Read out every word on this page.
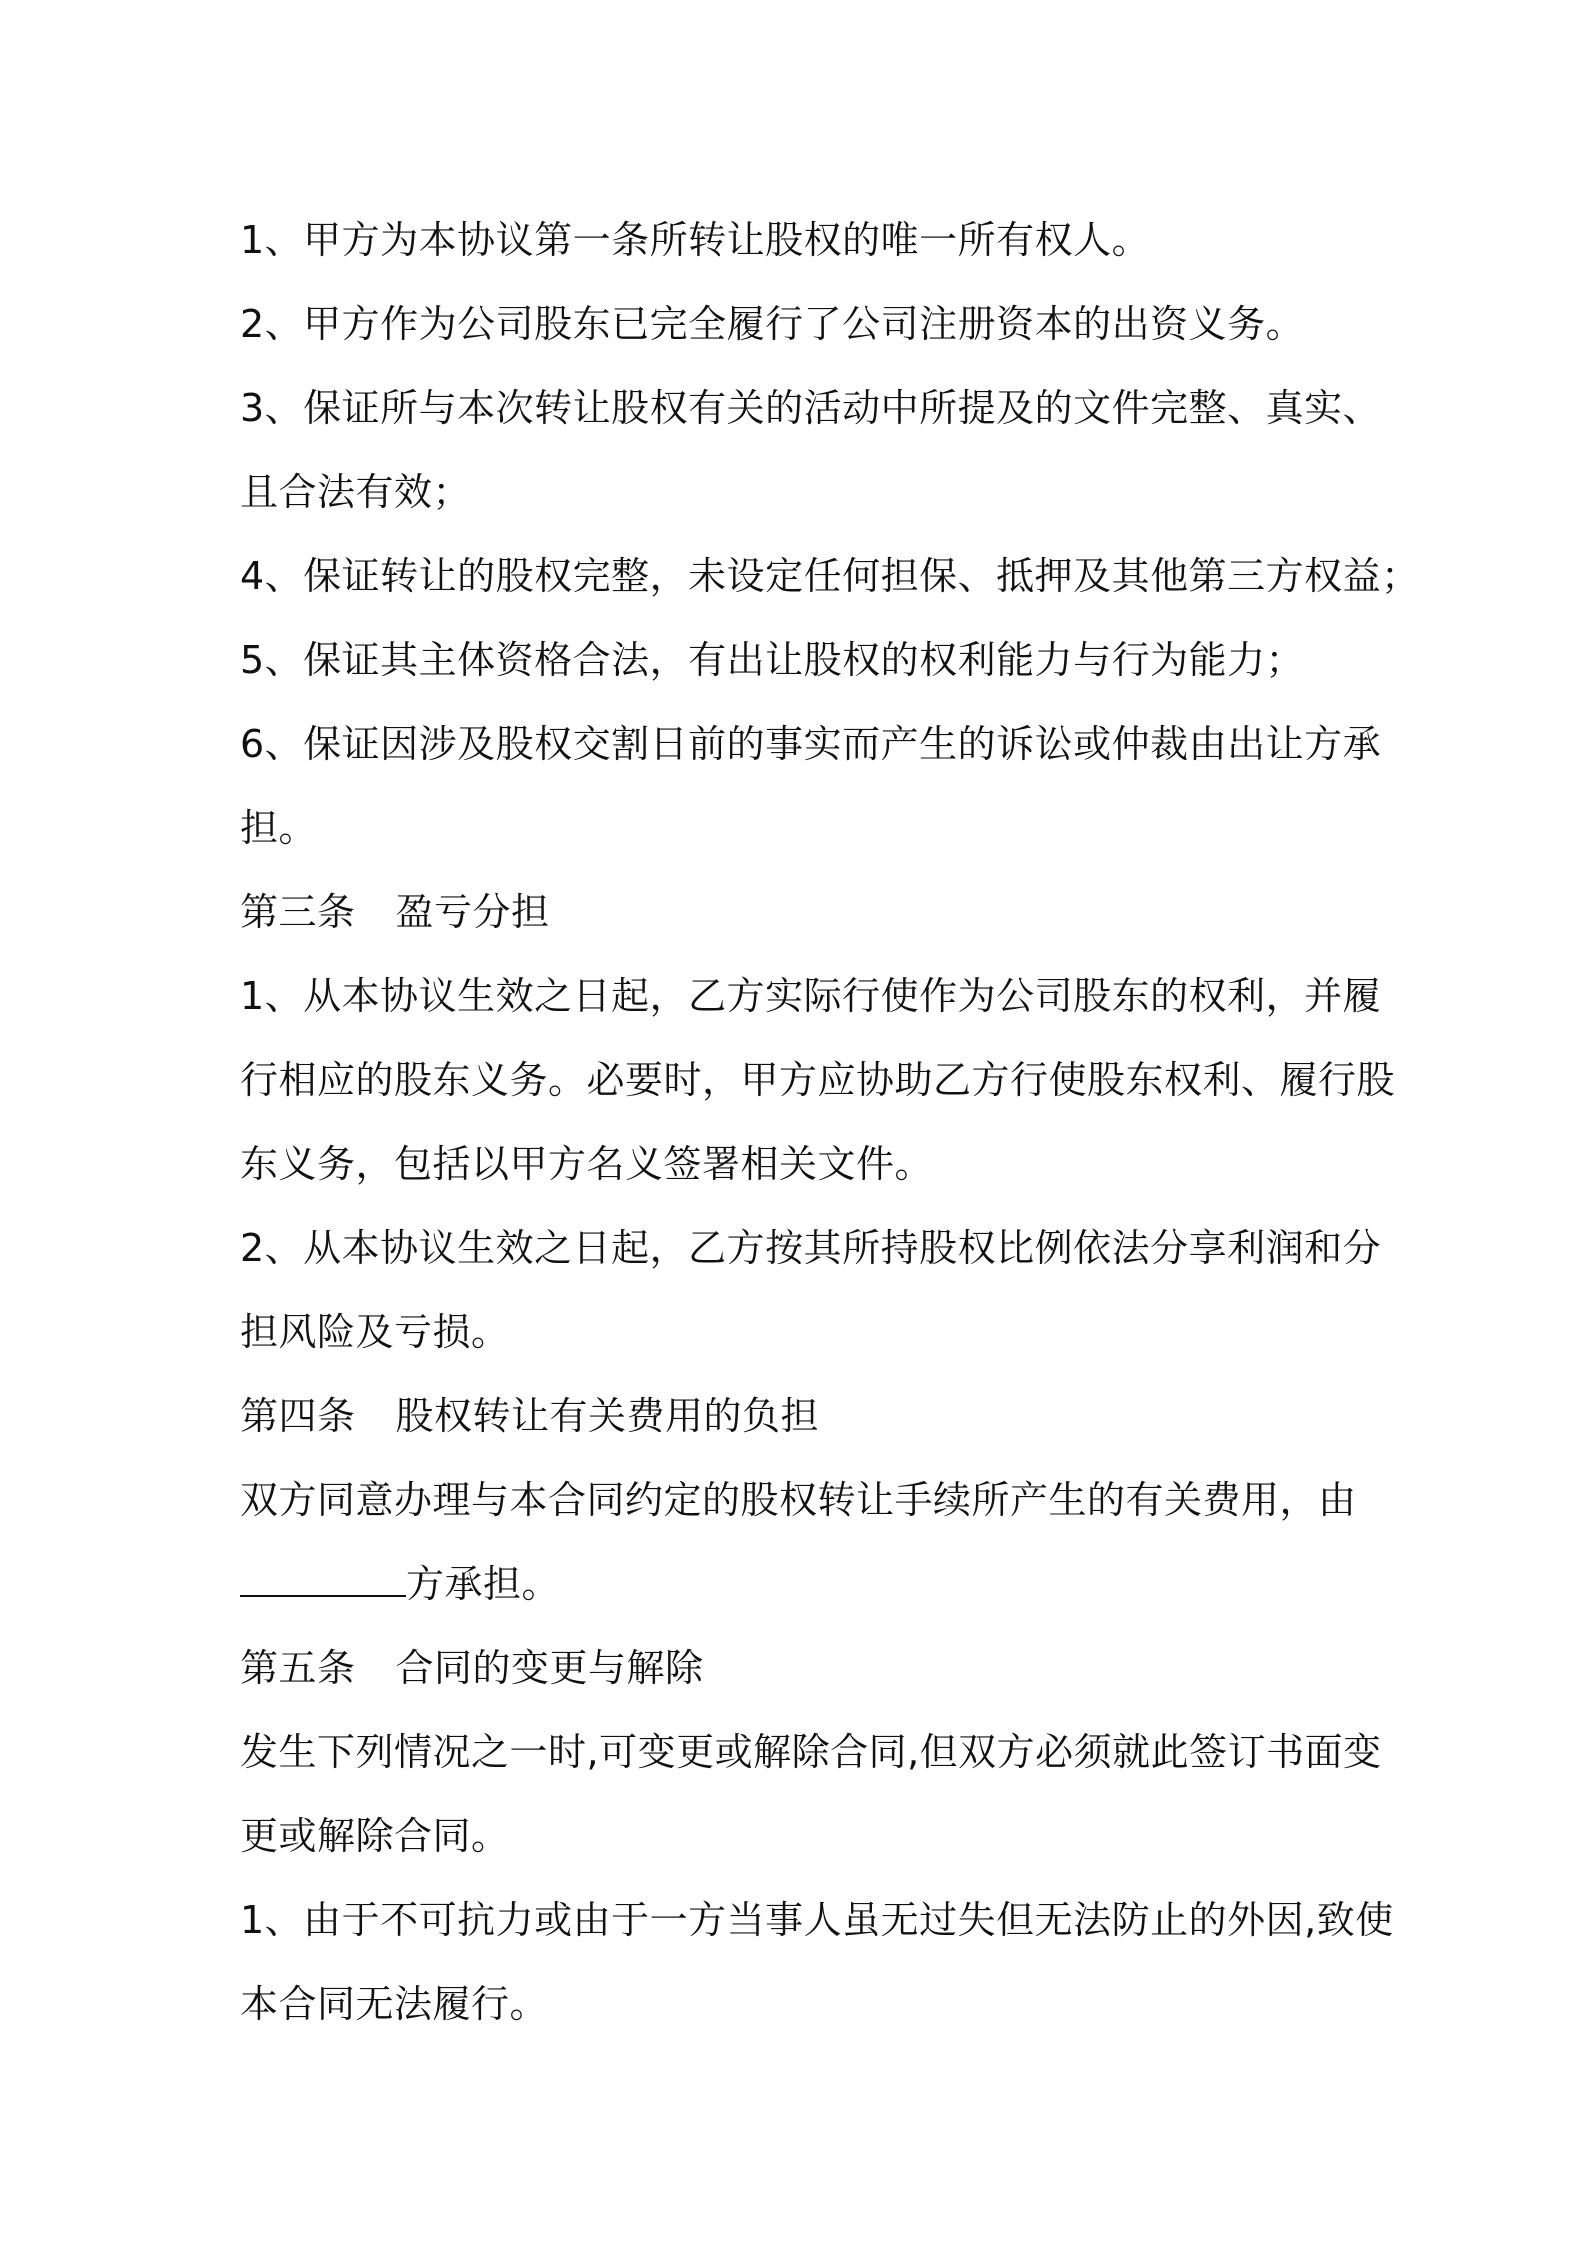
1、甲方为本协议第一条所转让股权的唯一所有权人。
2、甲方作为公司股东已完全履行了公司注册资本的出资义务。
3、保证所与本次转让股权有关的活动中所提及的文件完整、真实、
且合法有效；
4、保证转让的股权完整，未设定任何担保、抵押及其他第三方权益；
5、保证其主体资格合法，有出让股权的权利能力与行为能力；
6、保证因涉及股权交割日前的事实而产生的诉讼或仲裁由出让方承
担。
第三条 盈亏分担
1、从本协议生效之日起，乙方实际行使作为公司股东的权利，并履
行相应的股东义务。必要时，甲方应协助乙方行使股东权利、履行股
东义务，包括以甲方名义签署相关文件。
2、从本协议生效之日起，乙方按其所持股权比例依法分享利润和分
担风险及亏损。
第四条 股权转让有关费用的负担
双方同意办理与本合同约定的股权转让手续所产生的有关费用，由
方承担。
第五条 合同的变更与解除
发生下列情况之一时,可变更或解除合同,但双方必须就此签订书面变
更或解除合同。
1、由于不可抗力或由于一方当事人虽无过失但无法防止的外因,致使
本合同无法履行。
